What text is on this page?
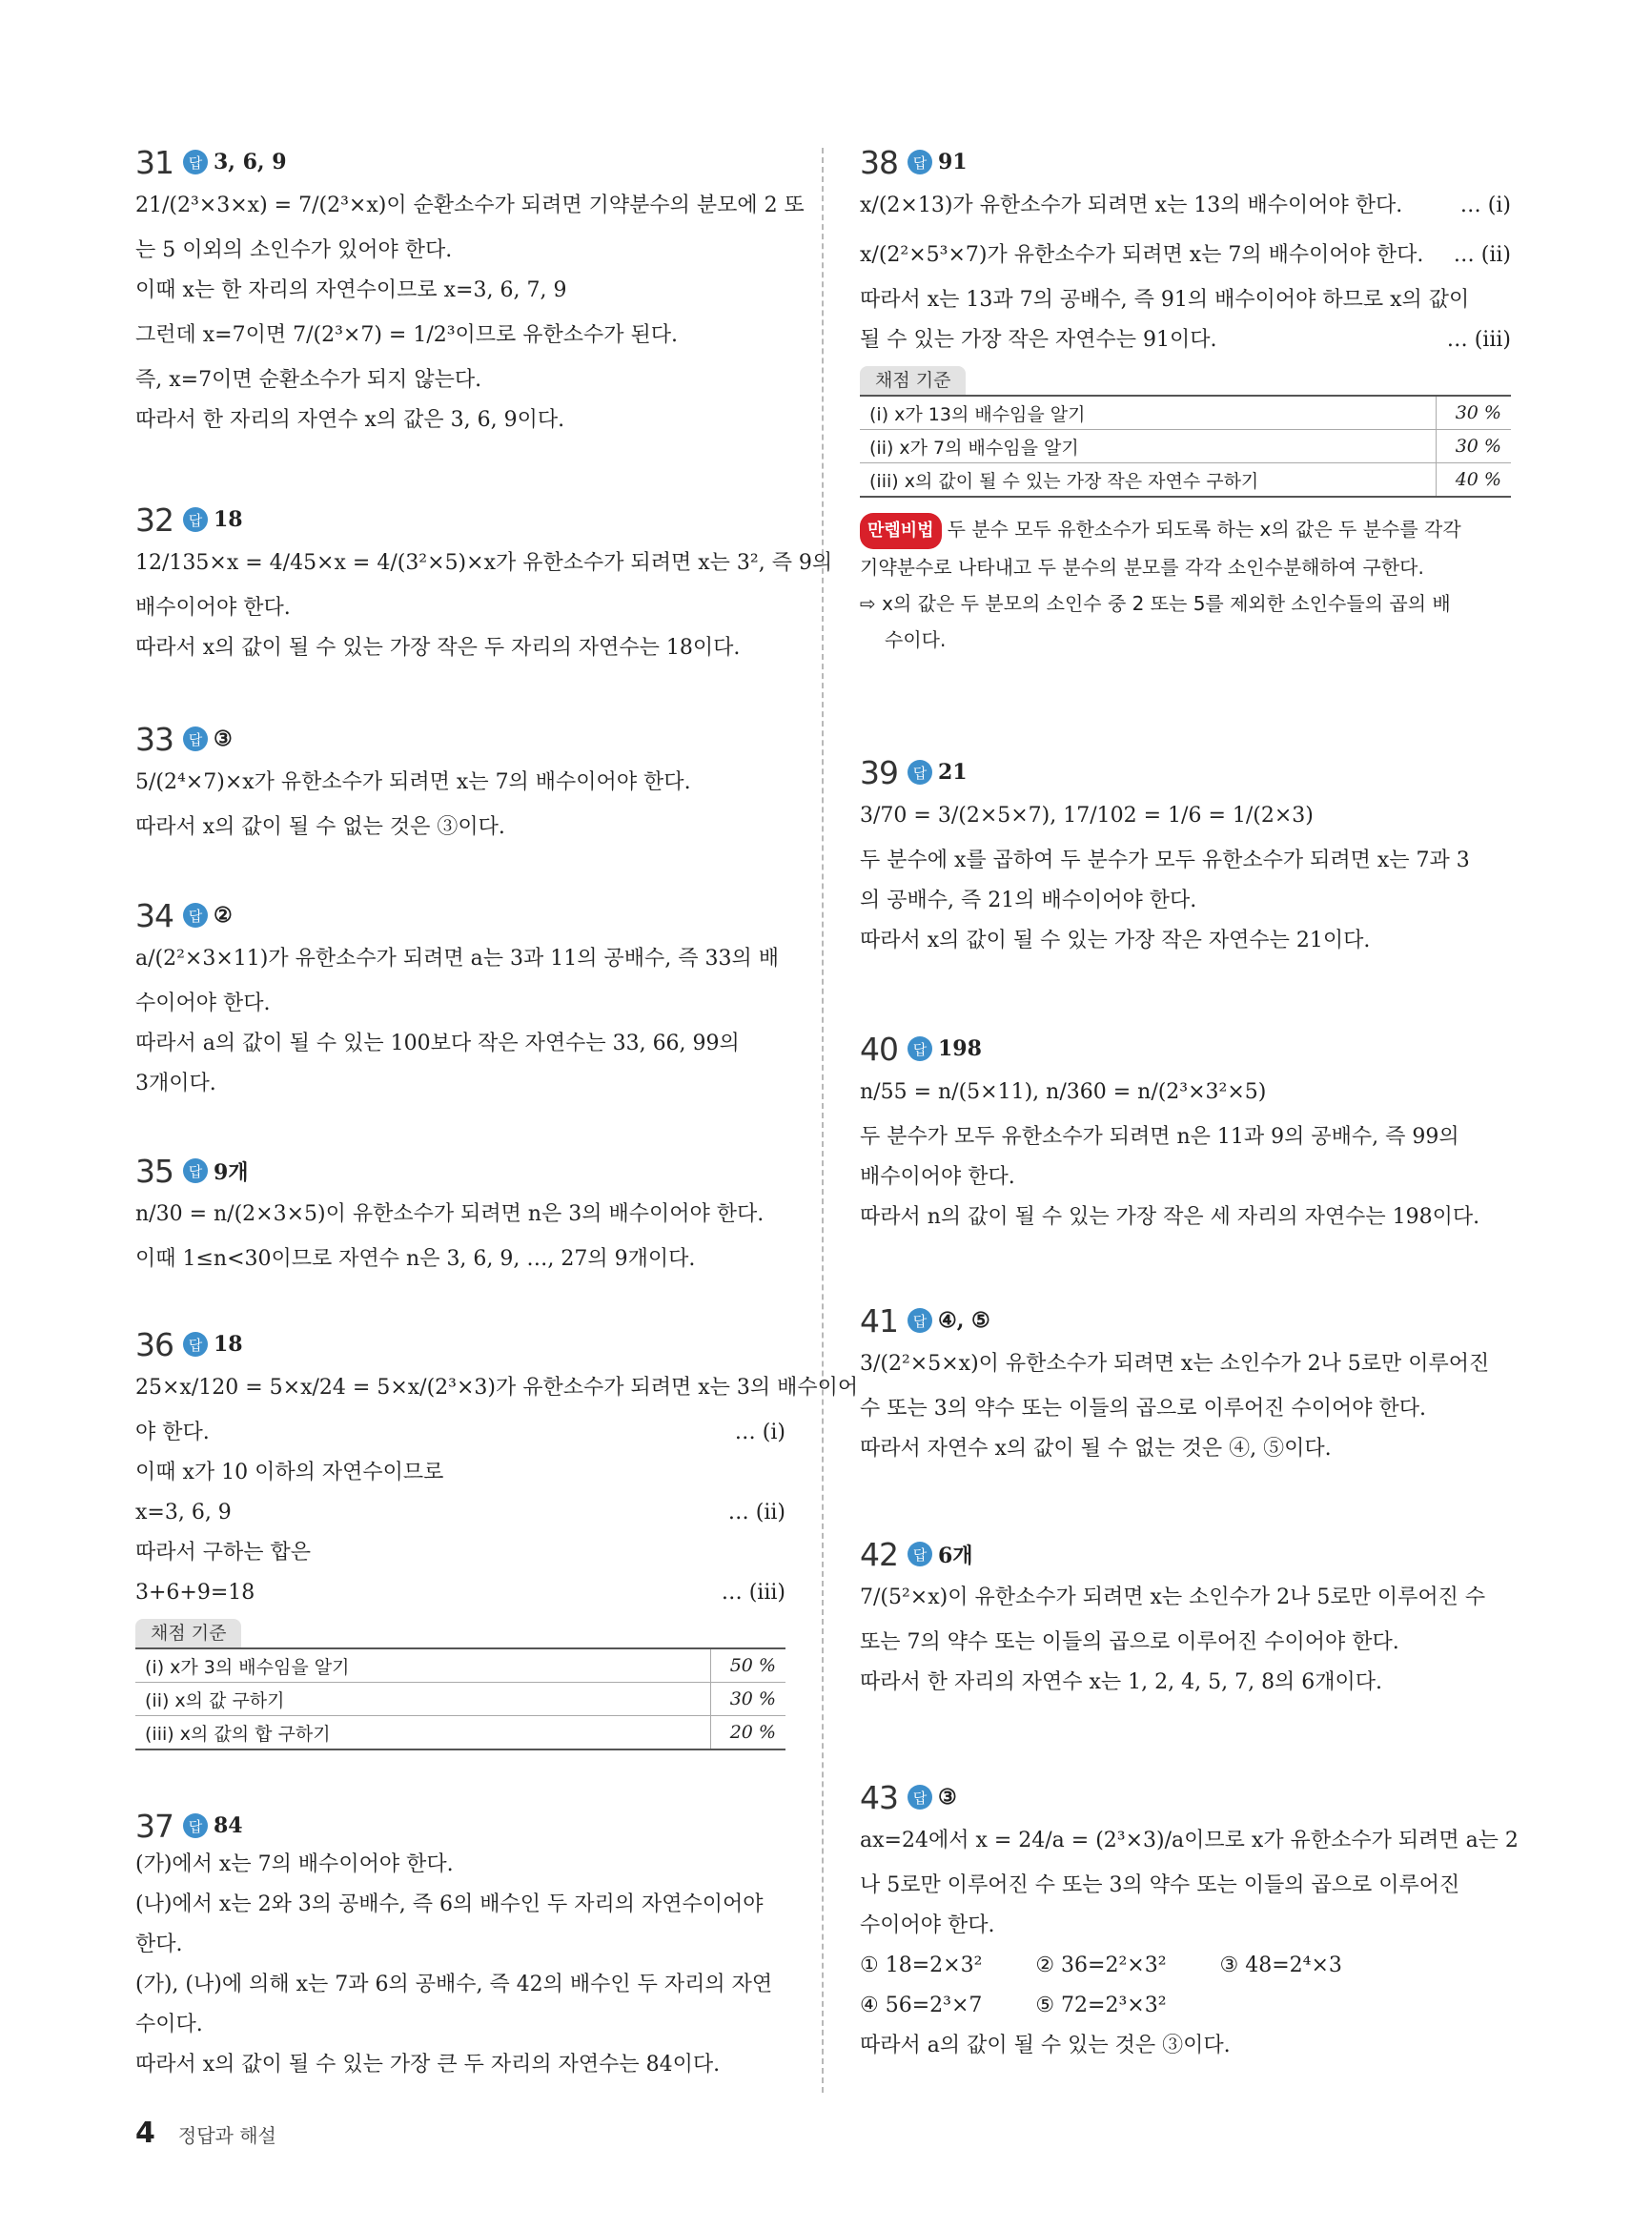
31	답 3, 6, 9
21/(2³×3×x) = 7/(2³×x)이 순환소수가 되려면 기약분수의 분모에 2 또
는 5 이외의 소인수가 있어야 한다.
이때 x는 한 자리의 자연수이므로 x=3, 6, 7, 9
그런데 x=7이면 7/(2³×7) = 1/2³이므로 유한소수가 된다.
즉, x=7이면 순환소수가 되지 않는다.
따라서 한 자리의 자연수 x의 값은 3, 6, 9이다.
32	답 18
12/135×x = 4/45×x = 4/(3²×5)×x가 유한소수가 되려면 x는 3², 즉 9의
배수이어야 한다.
따라서 x의 값이 될 수 있는 가장 작은 두 자리의 자연수는 18이다.
33	답 ③
5/(2⁴×7)×x가 유한소수가 되려면 x는 7의 배수이어야 한다.
따라서 x의 값이 될 수 없는 것은 ③이다.
34	답 ②
a/(2²×3×11)가 유한소수가 되려면 a는 3과 11의 공배수, 즉 33의 배
수이어야 한다.
따라서 a의 값이 될 수 있는 100보다 작은 자연수는 33, 66, 99의
3개이다.
35	답 9개
n/30 = n/(2×3×5)이 유한소수가 되려면 n은 3의 배수이어야 한다.
이때 1≤n<30이므로 자연수 n은 3, 6, 9, …, 27의 9개이다.
36	답 18
25×x/120 = 5×x/24 = 5×x/(2³×3)가 유한소수가 되려면 x는 3의 배수이어
야 한다.	… (i)
이때 x가 10 이하의 자연수이므로
x=3, 6, 9	… (ii)
따라서 구하는 합은
3+6+9=18	… (iii)
채점 기준
(i) x가 3의 배수임을 알기	50 %
(ii) x의 값 구하기	30 %
(iii) x의 값의 합 구하기	20 %
37	답 84
(가)에서 x는 7의 배수이어야 한다.
(나)에서 x는 2와 3의 공배수, 즉 6의 배수인 두 자리의 자연수이어야
한다.
(가), (나)에 의해 x는 7과 6의 공배수, 즉 42의 배수인 두 자리의 자연
수이다.
따라서 x의 값이 될 수 있는 가장 큰 두 자리의 자연수는 84이다.
38	답 91
x/(2×13)가 유한소수가 되려면 x는 13의 배수이어야 한다.	… (i)
x/(2²×5³×7)가 유한소수가 되려면 x는 7의 배수이어야 한다. … (ii)
따라서 x는 13과 7의 공배수, 즉 91의 배수이어야 하므로 x의 값이
될 수 있는 가장 작은 자연수는 91이다.	… (iii)
채점 기준
(i) x가 13의 배수임을 알기	30 %
(ii) x가 7의 배수임을 알기	30 %
(iii) x의 값이 될 수 있는 가장 작은 자연수 구하기	40 %
만렙비법 두 분수 모두 유한소수가 되도록 하는 x의 값은 두 분수를 각각
기약분수로 나타내고 두 분수의 분모를 각각 소인수분해하여 구한다.
⇨ x의 값은 두 분모의 소인수 중 2 또는 5를 제외한 소인수들의 곱의 배
수이다.
39	답 21
3/70 = 3/(2×5×7), 17/102 = 1/6 = 1/(2×3)
두 분수에 x를 곱하여 두 분수가 모두 유한소수가 되려면 x는 7과 3
의 공배수, 즉 21의 배수이어야 한다.
따라서 x의 값이 될 수 있는 가장 작은 자연수는 21이다.
40	답 198
n/55 = n/(5×11), n/360 = n/(2³×3²×5)
두 분수가 모두 유한소수가 되려면 n은 11과 9의 공배수, 즉 99의
배수이어야 한다.
따라서 n의 값이 될 수 있는 가장 작은 세 자리의 자연수는 198이다.
41	답 ④, ⑤
3/(2²×5×x)이 유한소수가 되려면 x는 소인수가 2나 5로만 이루어진
수 또는 3의 약수 또는 이들의 곱으로 이루어진 수이어야 한다.
따라서 자연수 x의 값이 될 수 없는 것은 ④, ⑤이다.
42	답 6개
7/(5²×x)이 유한소수가 되려면 x는 소인수가 2나 5로만 이루어진 수
또는 7의 약수 또는 이들의 곱으로 이루어진 수이어야 한다.
따라서 한 자리의 자연수 x는 1, 2, 4, 5, 7, 8의 6개이다.
43	답 ③
ax=24에서 x = 24/a = (2³×3)/a이므로 x가 유한소수가 되려면 a는 2
나 5로만 이루어진 수 또는 3의 약수 또는 이들의 곱으로 이루어진
수이어야 한다.
① 18=2×3²        ② 36=2²×3²        ③ 48=2⁴×3
④ 56=2³×7        ⑤ 72=2³×3²
따라서 a의 값이 될 수 있는 것은 ③이다.
4 정답과 해설
